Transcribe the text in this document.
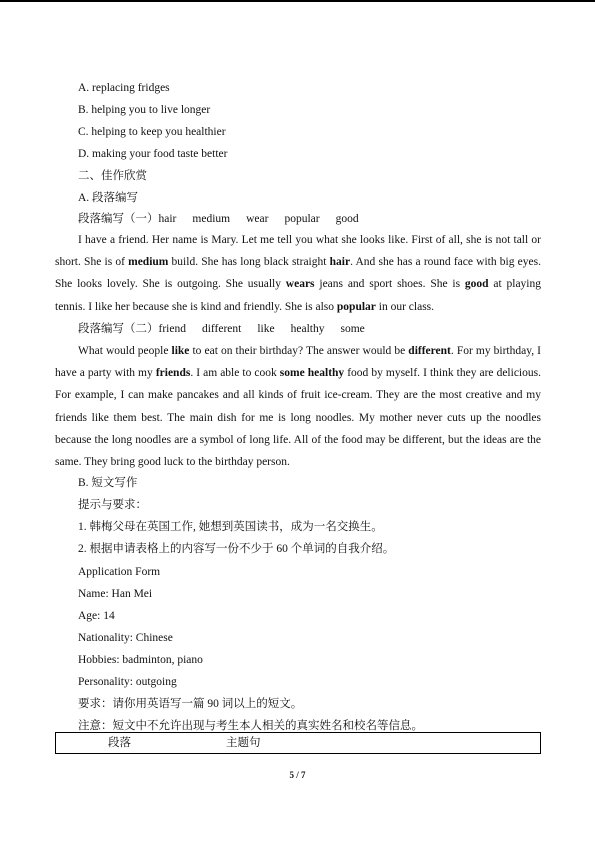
A. replacing fridges
B. helping you to live longer
C. helping to keep you healthier
D. making your food taste better
二、佳作欣赏
A. 段落编写
段落编写（一）hair medium wear popular good
I have a friend. Her name is Mary. Let me tell you what she looks like. First of all, she is not tall or short. She is of medium build. She has long black straight hair. And she has a round face with big eyes. She looks lovely. She is outgoing. She usually wears jeans and sport shoes. She is good at playing tennis. I like her because she is kind and friendly. She is also popular in our class.
段落编写（二）friend different like healthy some
What would people like to eat on their birthday? The answer would be different. For my birthday, I have a party with my friends. I am able to cook some healthy food by myself. I think they are delicious. For example, I can make pancakes and all kinds of fruit ice-cream. They are the most creative and my friends like them best. The main dish for me is long noodles. My mother never cuts up the noodles because the long noodles are a symbol of long life. All of the food may be different, but the ideas are the same. They bring good luck to the birthday person.
B. 短文写作
提示与要求：
1. 韩梅父母在英国工作, 她想到英国读书，成为一名交换生。
2. 根据申请表格上的内容写一份不少于 60 个单词的自我介绍。
Application Form
Name: Han Mei
Age: 14
Nationality: Chinese
Hobbies: badminton, piano
Personality: outgoing
要求：请你用英语写一篇 90 词以上的短文。
注意：短文中不允许出现与考生本人相关的真实姓名和校名等信息。
段落	主题句
5 / 7
